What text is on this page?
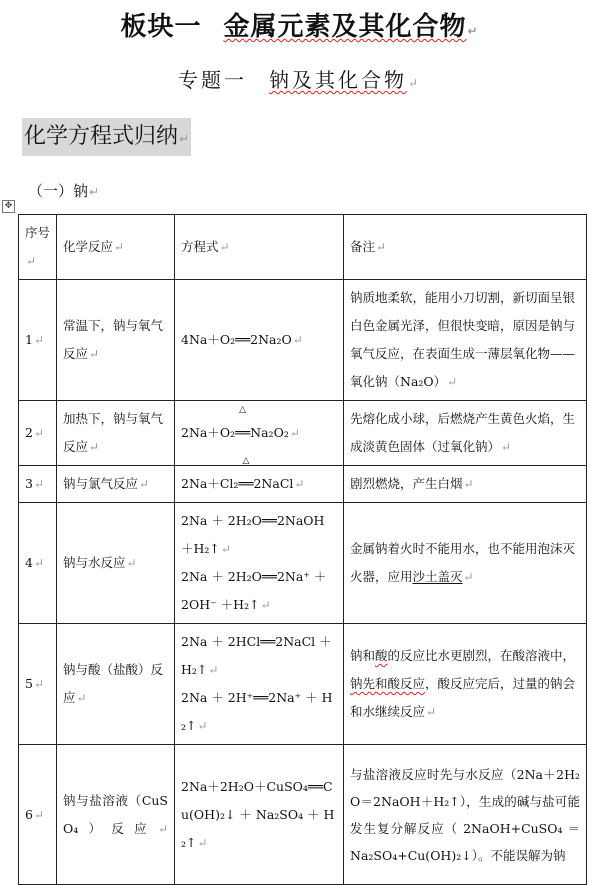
板块一 金属元素及其化合物↵
专题一 钠及其化合物↵
化学方程式归纳↵
（一）钠↵
✥
序号↵	化学反应↵	方程式↵	备注↵
1↵	常温下，钠与氧气反应↵	4Na＋O₂══2Na₂O↵	钠质地柔软，能用小刀切割，新切面呈银白色金属光泽，但很快变暗，原因是钠与氧气反应，在表面生成一薄层氧化物——氧化钠（Na₂O）↵
2↵	加热下，钠与氧气反应↵	2Na＋O₂══
△
Na₂O₂↵	先熔化成小球，后燃烧产生黄色火焰，生成淡黄色固体（过氧化钠）↵
3↵	钠与氯气反应↵	2Na＋Cl₂══
△
2NaCl↵	剧烈燃烧，产生白烟↵
4↵	钠与水反应↵	2Na ＋ 2H₂O══2NaOH ＋H₂↑↵
2Na ＋ 2H₂O══2Na⁺ ＋ 2OH⁻ ＋H₂↑↵	金属钠着火时不能用水，也不能用泡沫灭火器，应用沙土盖灭↵
5↵	钠与酸（盐酸）反应↵	2Na ＋ 2HCl══2NaCl ＋ H₂↑↵
2Na ＋ 2H⁺══2Na⁺ ＋ H₂↑↵	钠和酸的反应比水更剧烈，在酸溶液中，钠先和酸反应，酸反应完后，过量的钠会和水继续反应↵
6↵	钠与盐溶液（CuSO₄）反应↵	2Na＋2H₂O＋CuSO₄══Cu(OH)₂↓ ＋ Na₂SO₄ ＋ H₂↑↵	与盐溶液反应时先与水反应（2Na＋2H₂O＝2NaOH＋H₂↑），生成的碱与盐可能发生复分解反应（ 2NaOH+CuSO₄ ＝ Na₂SO₄+Cu(OH)₂↓）。不能误解为钠
